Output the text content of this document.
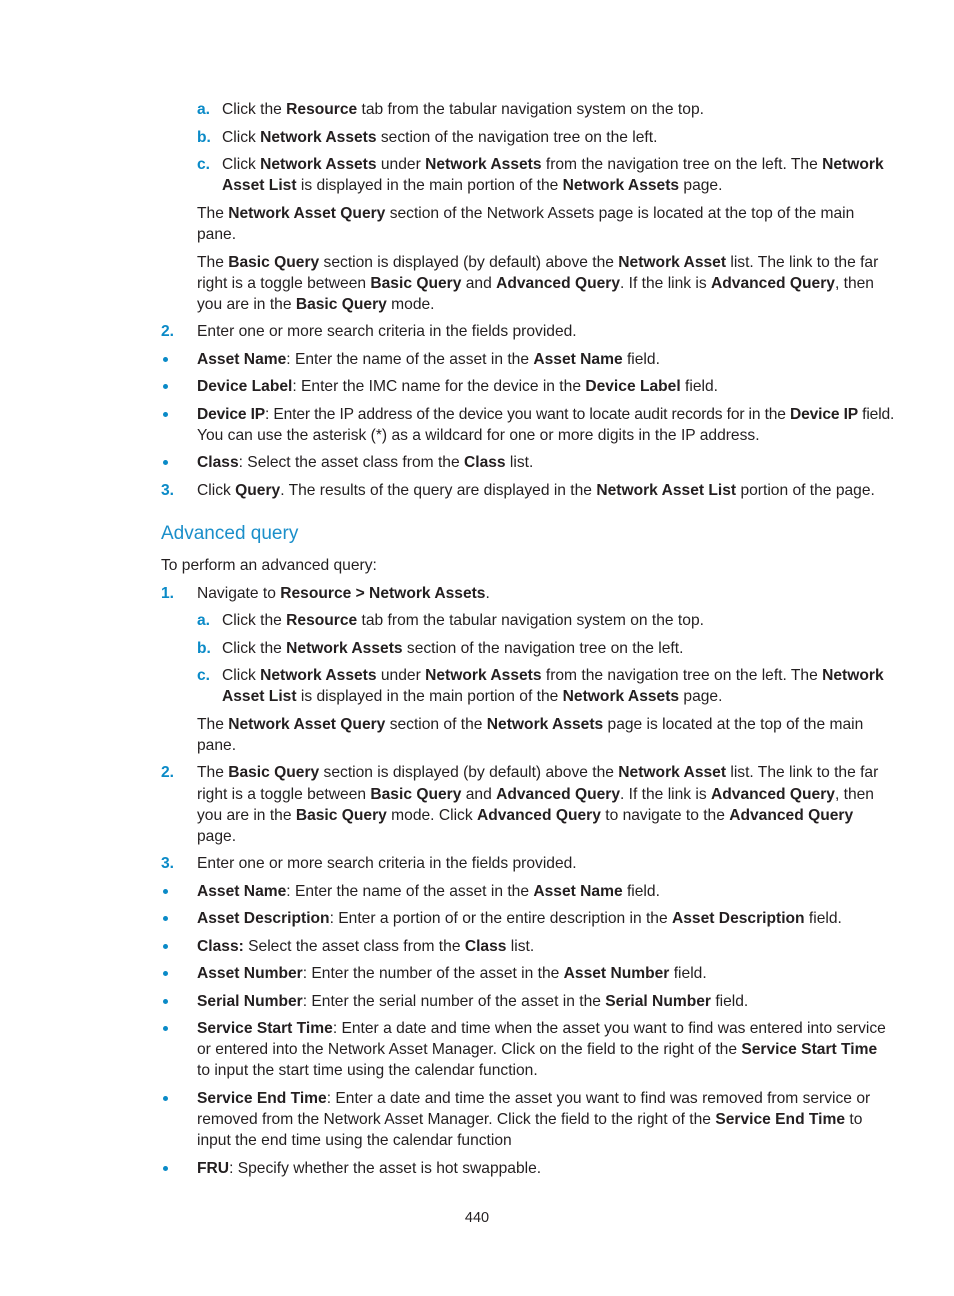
a. Click the Resource tab from the tabular navigation system on the top.
b. Click Network Assets section of the navigation tree on the left.
c. Click Network Assets under Network Assets from the navigation tree on the left. The Network
Asset List is displayed in the main portion of the Network Assets page.
The Network Asset Query section of the Network Assets page is located at the top of the main
pane.
The Basic Query section is displayed (by default) above the Network Asset list. The link to the far
right is a toggle between Basic Query and Advanced Query. If the link is Advanced Query, then
you are in the Basic Query mode.
2. Enter one or more search criteria in the fields provided.
Asset Name: Enter the name of the asset in the Asset Name field.
Device Label: Enter the IMC name for the device in the Device Label field.
Device IP: Enter the IP address of the device you want to locate audit records for in the Device IP field.
You can use the asterisk (*) as a wildcard for one or more digits in the IP address.
Class: Select the asset class from the Class list.
3. Click Query. The results of the query are displayed in the Network Asset List portion of the page.
Advanced query
To perform an advanced query:
1. Navigate to Resource > Network Assets.
a. Click the Resource tab from the tabular navigation system on the top.
b. Click the Network Assets section of the navigation tree on the left.
c. Click Network Assets under Network Assets from the navigation tree on the left. The Network
Asset List is displayed in the main portion of the Network Assets page.
The Network Asset Query section of the Network Assets page is located at the top of the main
pane.
2. The Basic Query section is displayed (by default) above the Network Asset list. The link to the far
right is a toggle between Basic Query and Advanced Query. If the link is Advanced Query, then
you are in the Basic Query mode. Click Advanced Query to navigate to the Advanced Query
page.
3. Enter one or more search criteria in the fields provided.
Asset Name: Enter the name of the asset in the Asset Name field.
Asset Description: Enter a portion of or the entire description in the Asset Description field.
Class: Select the asset class from the Class list.
Asset Number: Enter the number of the asset in the Asset Number field.
Serial Number: Enter the serial number of the asset in the Serial Number field.
Service Start Time: Enter a date and time when the asset you want to find was entered into service
or entered into the Network Asset Manager. Click on the field to the right of the Service Start Time
to input the start time using the calendar function.
Service End Time: Enter a date and time the asset you want to find was removed from service or
removed from the Network Asset Manager. Click the field to the right of the Service End Time to
input the end time using the calendar function
FRU: Specify whether the asset is hot swappable.
440
